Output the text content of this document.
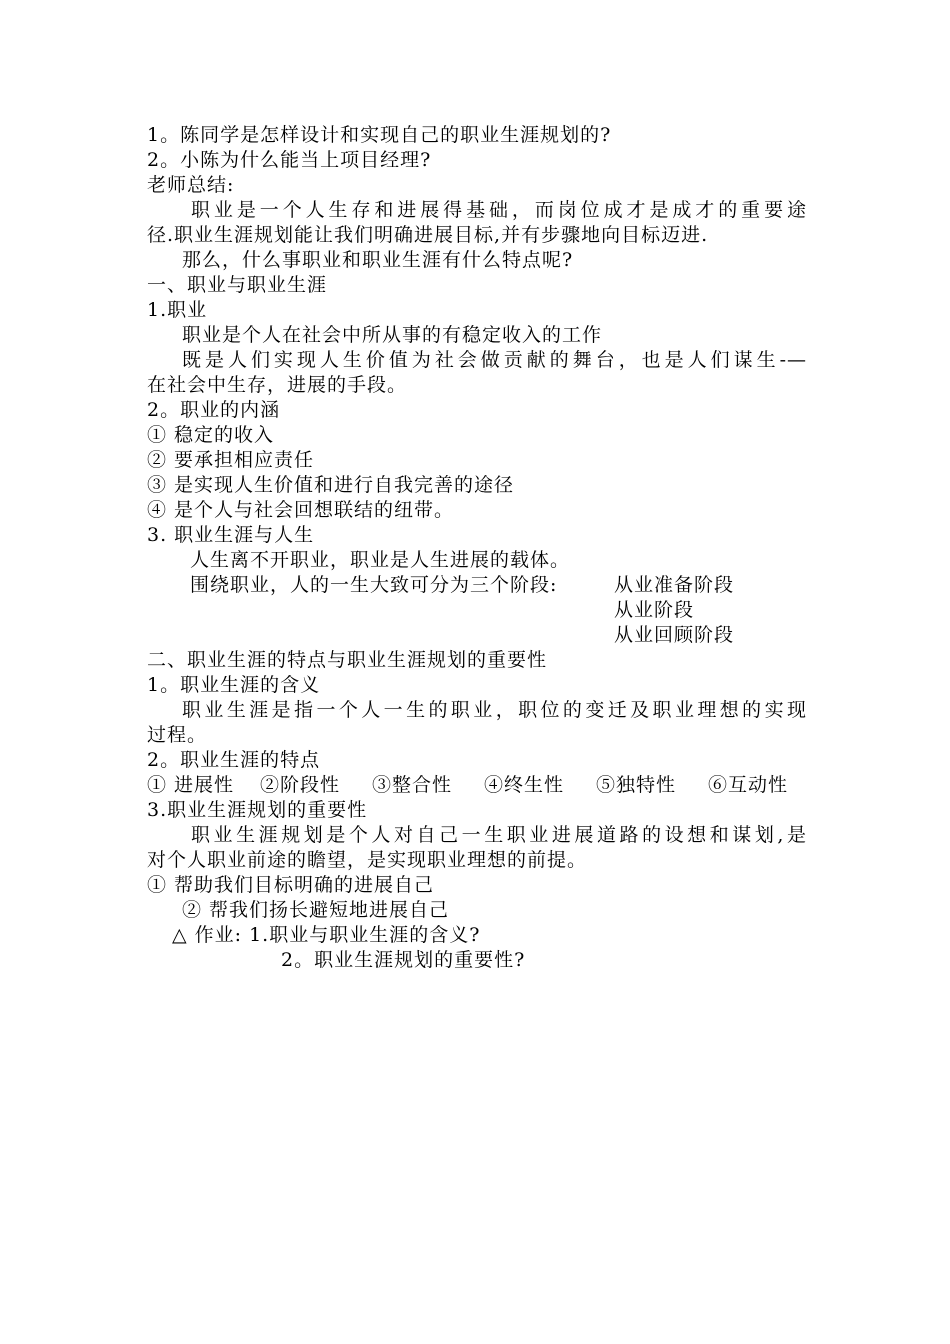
1。陈同学是怎样设计和实现自己的职业生涯规划的?
2。小陈为什么能当上项目经理?
老师总结:
职业是一个人生存和进展得基础，而岗位成才是成才的重要途
径.职业生涯规划能让我们明确进展目标,并有步骤地向目标迈进.
那么，什么事职业和职业生涯有什么特点呢?
一、职业与职业生涯
1.职业
职业是个人在社会中所从事的有稳定收入的工作
既是人们实现人生价值为社会做贡献的舞台，也是人们谋生-—
在社会中生存，进展的手段。
2。职业的内涵
① 稳定的收入
② 要承担相应责任
③ 是实现人生价值和进行自我完善的途径
④ 是个人与社会回想联结的纽带。
3. 职业生涯与人生
人生离不开职业，职业是人生进展的载体。
围绕职业，人的一生大致可分为三个阶段:	从业准备阶段
从业阶段
从业回顾阶段
二、职业生涯的特点与职业生涯规划的重要性
1。职业生涯的含义
职业生涯是指一个人一生的职业，职位的变迁及职业理想的实现
过程。
2。职业生涯的特点
① 进展性 ②阶段性 ③整合性 ④终生性 ⑤独特性 ⑥互动性
3.职业生涯规划的重要性
职业生涯规划是个人对自己一生职业进展道路的设想和谋划,是
对个人职业前途的瞻望，是实现职业理想的前提。
① 帮助我们目标明确的进展自己
② 帮我们扬长避短地进展自己
△ 作业: 1.职业与职业生涯的含义?
2。职业生涯规划的重要性?
